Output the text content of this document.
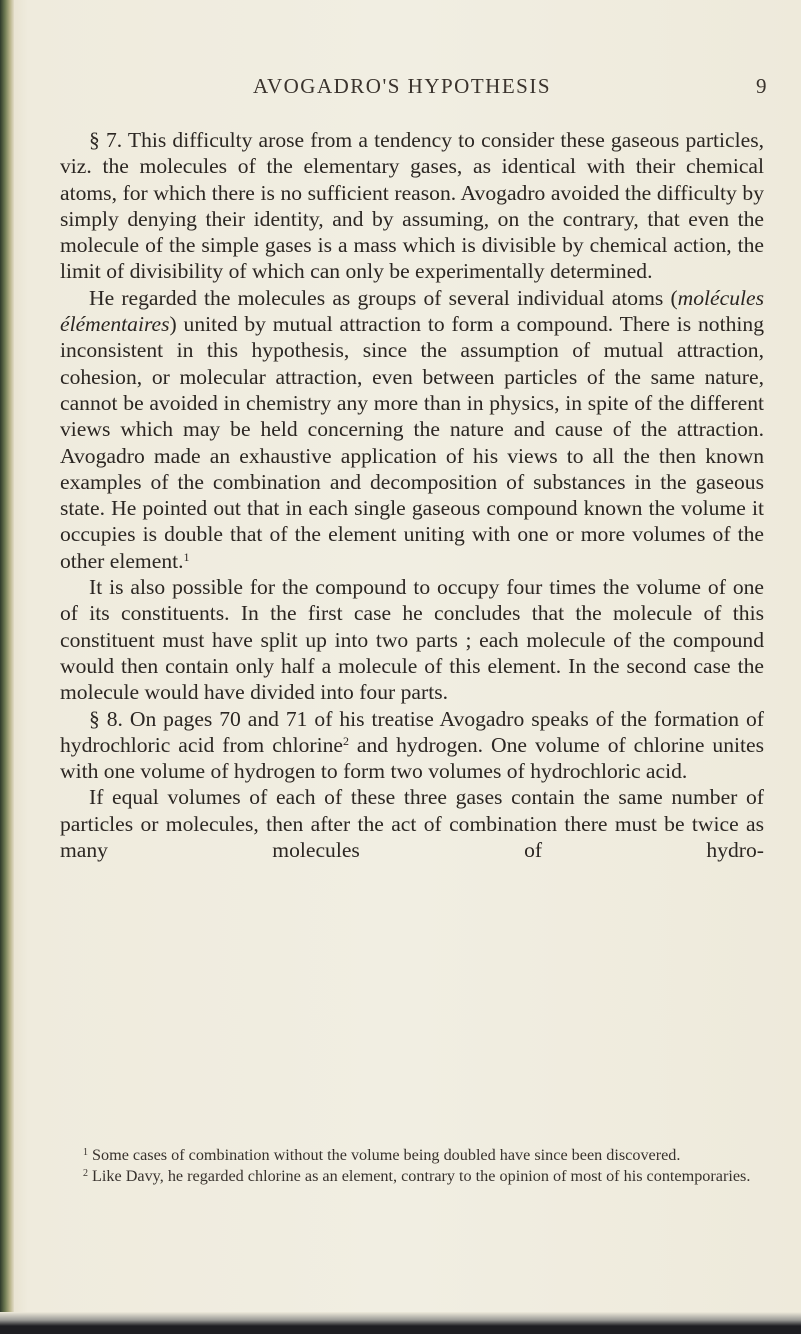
AVOGADRO'S HYPOTHESIS	9

§ 7. This difficulty arose from a tendency to consider these gaseous particles, viz. the molecules of the elementary gases, as identical with their chemical atoms, for which there is no sufficient reason. Avogadro avoided the difficulty by simply denying their identity, and by assuming, on the contrary, that even the molecule of the simple gases is a mass which is divisible by chemical action, the limit of divisibility of which can only be experimentally determined.

He regarded the molecules as groups of several individual atoms (molécules élémentaires) united by mutual attraction to form a compound. There is nothing inconsistent in this hypothesis, since the assumption of mutual attraction, cohesion, or molecular attraction, even between particles of the same nature, cannot be avoided in chemistry any more than in physics, in spite of the different views which may be held concerning the nature and cause of the attraction. Avogadro made an exhaustive application of his views to all the then known examples of the combination and decomposition of substances in the gaseous state. He pointed out that in each single gaseous compound known the volume it occupies is double that of the element uniting with one or more volumes of the other element.$^1$

It is also possible for the compound to occupy four times the volume of one of its constituents. In the first case he concludes that the molecule of this constituent must have split up into two parts ; each molecule of the compound would then contain only half a molecule of this element. In the second case the molecule would have divided into four parts.

§ 8. On pages 70 and 71 of his treatise Avogadro speaks of the formation of hydrochloric acid from chlorine$^2$ and hydrogen. One volume of chlorine unites with one volume of hydrogen to form two volumes of hydrochloric acid.

If equal volumes of each of these three gases contain the same number of particles or molecules, then after the act of combination there must be twice as many molecules of hydro-

$^1$ Some cases of combination without the volume being doubled have since been discovered.

$^2$ Like Davy, he regarded chlorine as an element, contrary to the opinion of most of his contemporaries.
